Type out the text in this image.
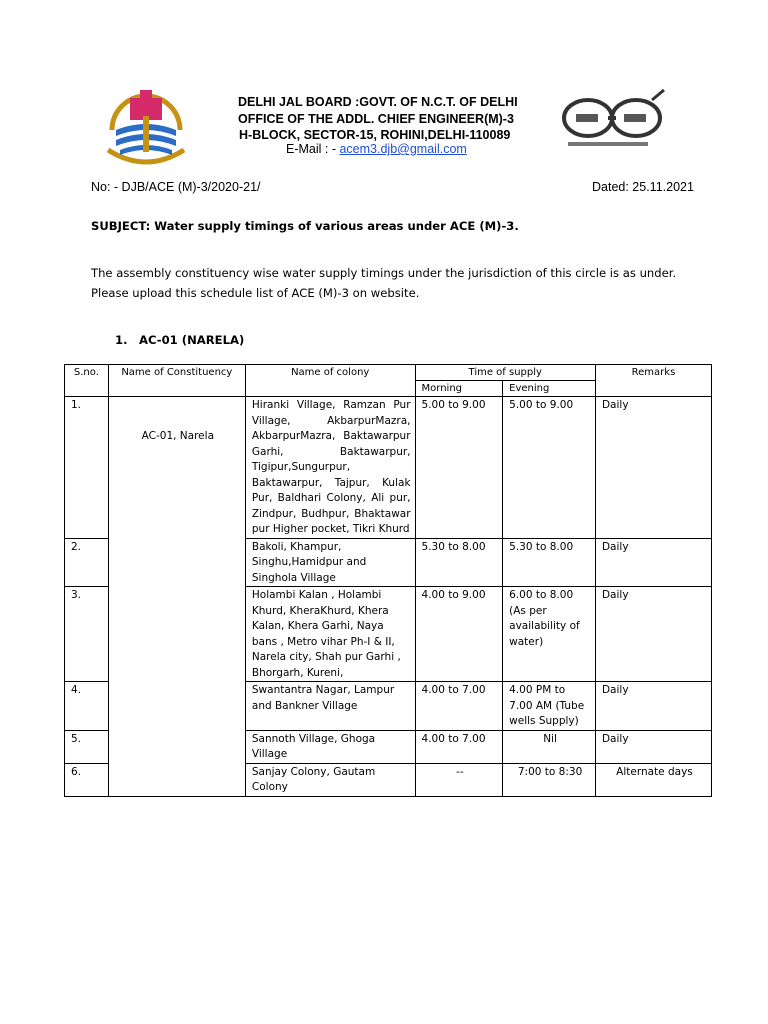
DELHI JAL BOARD :GOVT. OF N.C.T. OF DELHI
OFFICE OF THE ADDL. CHIEF ENGINEER(M)-3
H-BLOCK, SECTOR-15, ROHINI,DELHI-110089
E-Mail : - acem3.djb@gmail.com
No: - DJB/ACE (M)-3/2020-21/	Dated: 25.11.2021
SUBJECT: Water supply timings of various areas under ACE (M)-3.
The assembly constituency wise water supply timings under the jurisdiction of this circle is as under.
Please upload this schedule list of ACE (M)-3 on website.
1. AC-01 (NARELA)
S.no.	Name of Constituency	Name of colony	Time of supply		Remarks
			Morning	Evening	
1.	AC-01, Narela	Hiranki Village, Ramzan Pur Village, AkbarpurMazra, AkbarpurMazra, Baktawarpur Garhi, Baktawarpur, Tigipur,Sungurpur, Baktawarpur, Tajpur, Kulak Pur, Baldhari Colony, Ali pur, Zindpur, Budhpur, Bhaktawar pur Higher pocket, Tikri Khurd	5.00 to 9.00	5.00 to 9.00	Daily
2.		Bakoli, Khampur, Singhu,Hamidpur and Singhola Village	5.30 to 8.00	5.30 to 8.00	Daily
3.		Holambi Kalan , Holambi Khurd, KheraKhurd, Khera Kalan, Khera Garhi, Naya bans , Metro vihar Ph-I & II, Narela city, Shah pur Garhi , Bhorgarh, Kureni,	4.00 to 9.00	6.00 to 8.00 (As per availability of water)	Daily
4.		Swantantra Nagar, Lampur and Bankner Village	4.00 to 7.00	4.00 PM to 7.00 AM (Tube wells Supply)	Daily
5.		Sannoth Village, Ghoga Village	4.00 to 7.00	Nil	Daily
6.		Sanjay Colony, Gautam Colony	--	7:00 to 8:30	Alternate days
